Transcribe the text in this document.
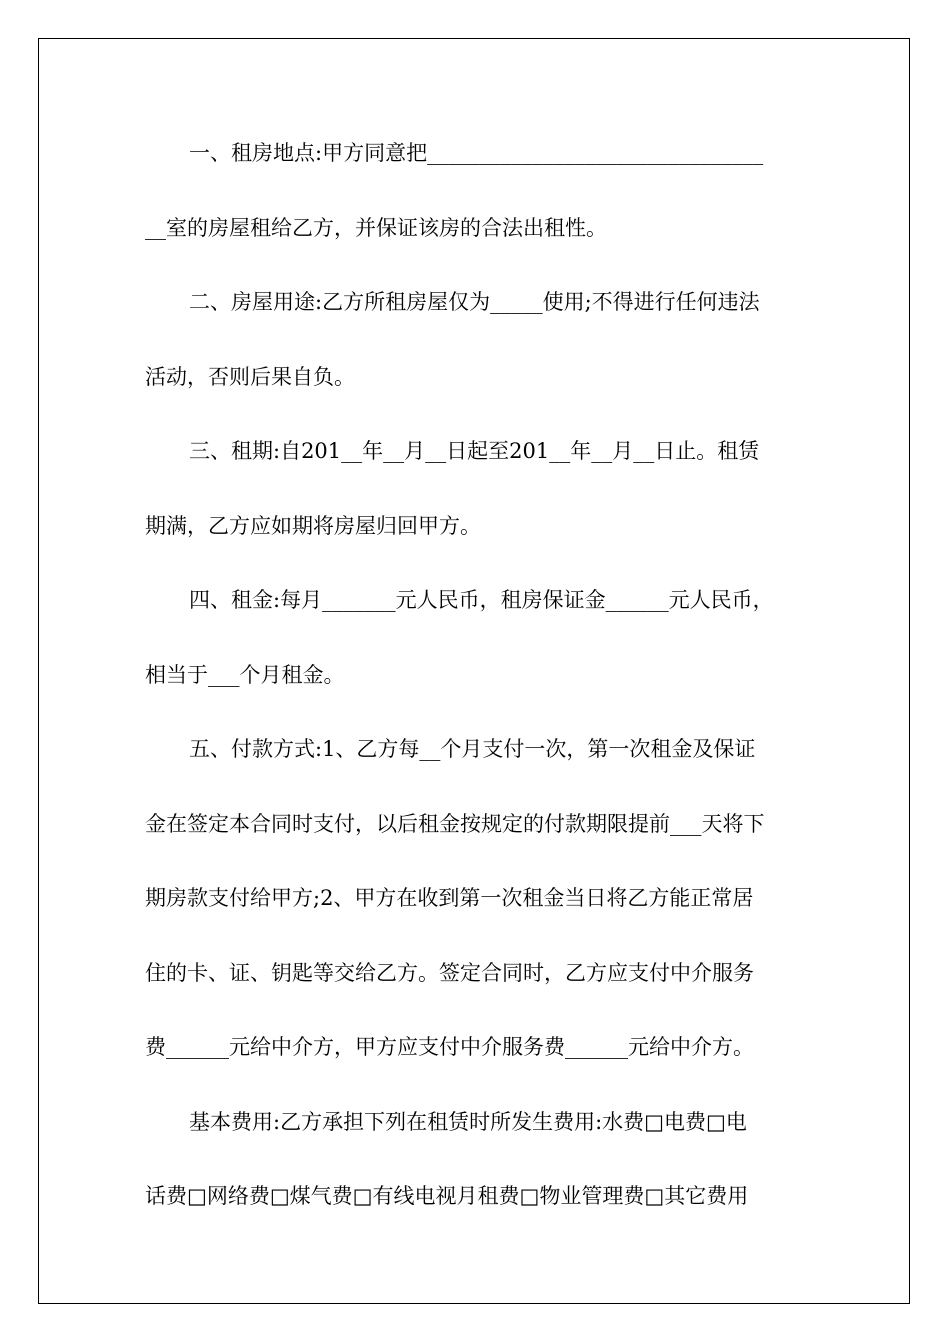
一、租房地点:甲方同意把________________________________
__室的房屋租给乙方，并保证该房的合法出租性。
二、房屋用途:乙方所租房屋仅为_____使用;不得进行任何违法
活动，否则后果自负。
三、租期:自201__年__月__日起至201__年__月__日止。租赁
期满，乙方应如期将房屋归回甲方。
四、租金:每月_______元人民币，租房保证金______元人民币，
相当于___个月租金。
五、付款方式:1、乙方每__个月支付一次，第一次租金及保证
金在签定本合同时支付，以后租金按规定的付款期限提前___天将下
期房款支付给甲方;2、甲方在收到第一次租金当日将乙方能正常居
住的卡、证、钥匙等交给乙方。签定合同时，乙方应支付中介服务
费______元给中介方，甲方应支付中介服务费______元给中介方。
基本费用:乙方承担下列在租赁时所发生费用:水费□电费□电
话费□网络费□煤气费□有线电视月租费□物业管理费□其它费用
